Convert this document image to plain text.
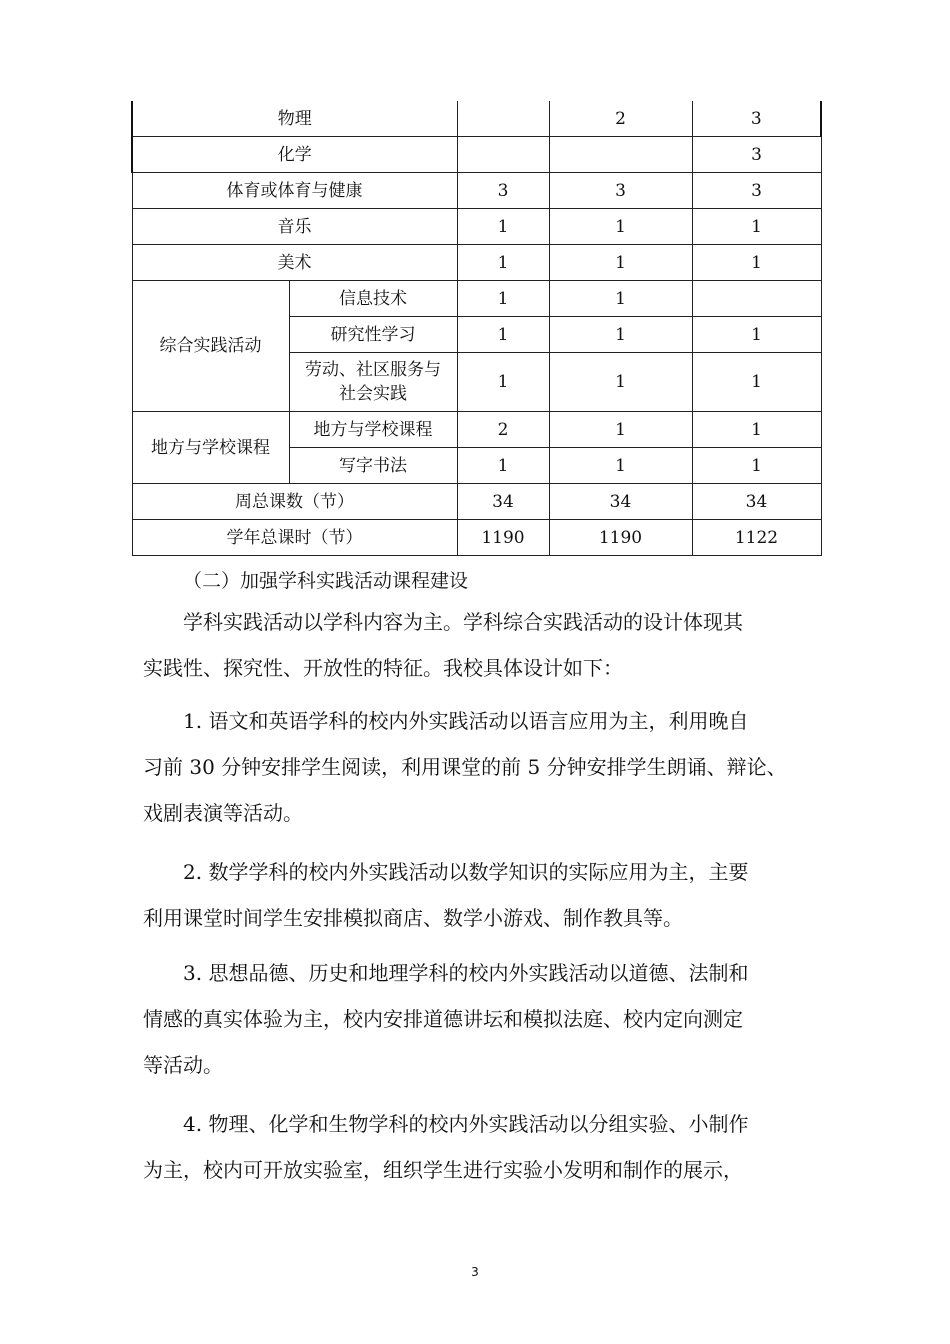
物理			2	3
化学				3
体育或体育与健康		3	3	3
音乐		1	1	1
美术		1	1	1
综合实践活动	信息技术	1	1	
	研究性学习	1	1	1

	劳动、社区服务与
社会实践	1	1	1
地方与学校课程	地方与学校课程	2	1	1
	写字书法	1	1	1
周总课数（节）		34	34	34
学年总课时（节）		1190	1190	1122
（二）加强学科实践活动课程建设
学科实践活动以学科内容为主。学科综合实践活动的设计体现其
实践性、探究性、开放性的特征。我校具体设计如下：
1. 语文和英语学科的校内外实践活动以语言应用为主，利用晚自
习前 30 分钟安排学生阅读，利用课堂的前 5 分钟安排学生朗诵、辩论、
戏剧表演等活动。
2. 数学学科的校内外实践活动以数学知识的实际应用为主，主要
利用课堂时间学生安排模拟商店、数学小游戏、制作教具等。
3. 思想品德、历史和地理学科的校内外实践活动以道德、法制和
情感的真实体验为主，校内安排道德讲坛和模拟法庭、校内定向测定
等活动。
4. 物理、化学和生物学科的校内外实践活动以分组实验、小制作
为主，校内可开放实验室，组织学生进行实验小发明和制作的展示，
3
